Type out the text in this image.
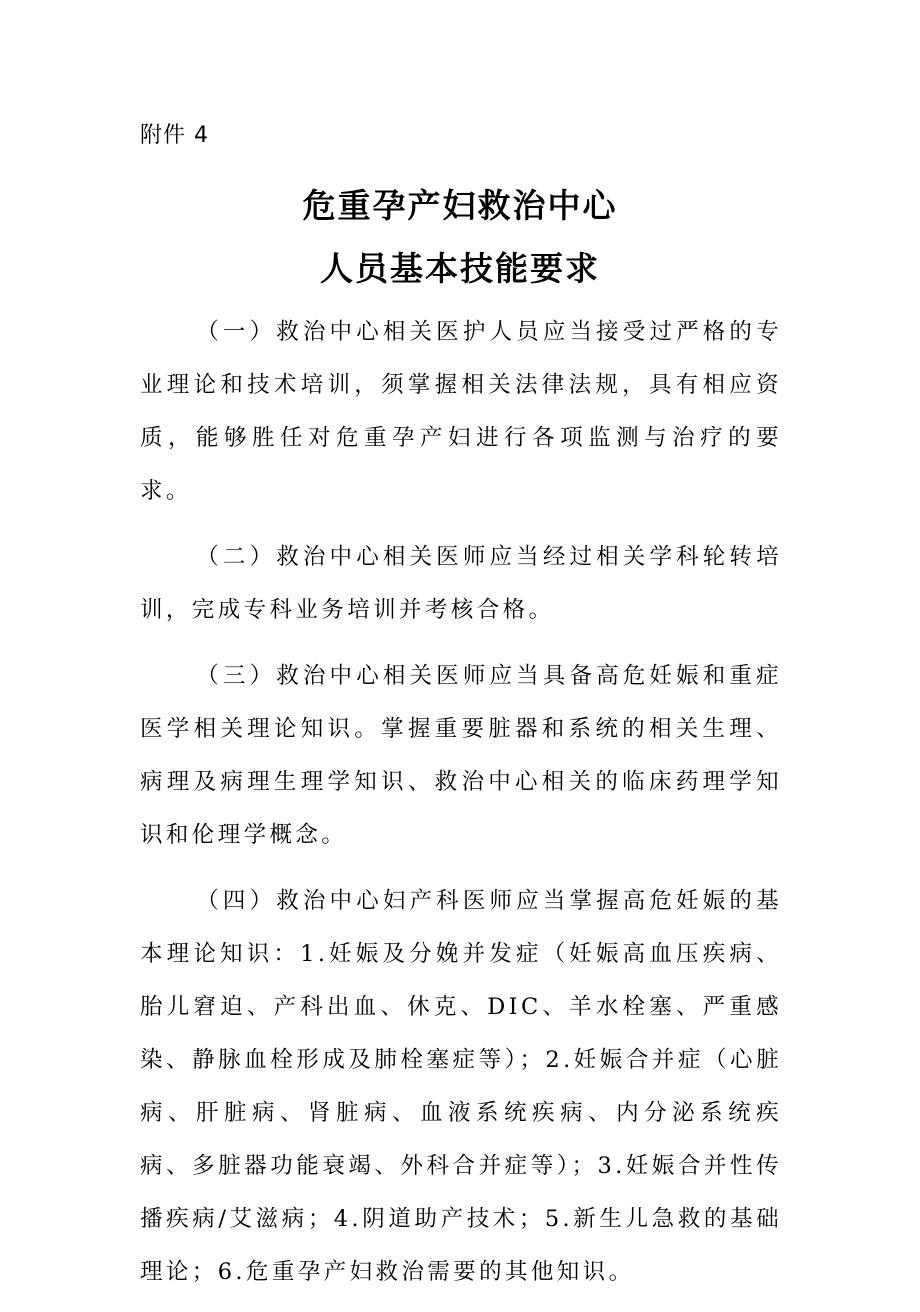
附件 4
危重孕产妇救治中心
人员基本技能要求

（一）救治中心相关医护人员应当接受过严格的专业理论和技术培训，须掌握相关法律法规，具有相应资质，能够胜任对危重孕产妇进行各项监测与治疗的要求。

（二）救治中心相关医师应当经过相关学科轮转培训，完成专科业务培训并考核合格。

（三）救治中心相关医师应当具备高危妊娠和重症医学相关理论知识。掌握重要脏器和系统的相关生理、病理及病理生理学知识、救治中心相关的临床药理学知识和伦理学概念。

（四）救治中心妇产科医师应当掌握高危妊娠的基本理论知识：1.妊娠及分娩并发症（妊娠高血压疾病、胎儿窘迫、产科出血、休克、DIC、羊水栓塞、严重感染、静脉血栓形成及肺栓塞症等）；2.妊娠合并症（心脏病、肝脏病、肾脏病、血液系统疾病、内分泌系统疾病、多脏器功能衰竭、外科合并症等）；3.妊娠合并性传播疾病/艾滋病；4.阴道助产技术；5.新生儿急救的基础理论；6.危重孕产妇救治需要的其他知识。
